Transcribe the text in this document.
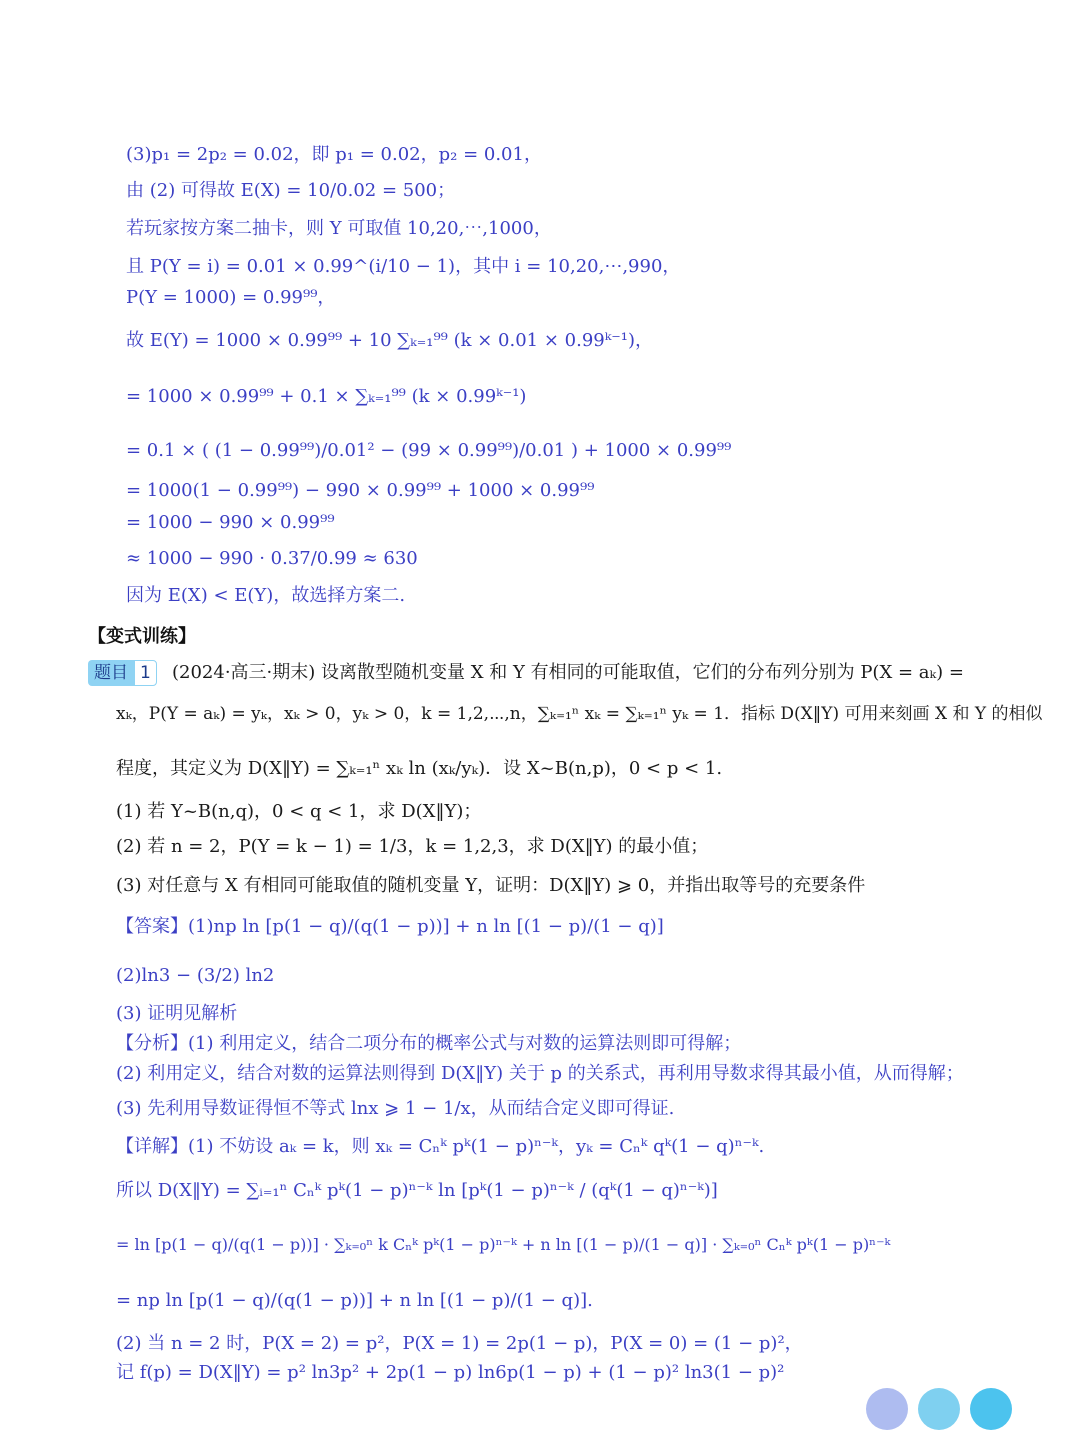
(3)p₁ = 2p₂ = 0.02，即 p₁ = 0.02，p₂ = 0.01，
由 (2) 可得故 E(X) = 10/0.02 = 500；
若玩家按方案二抽卡，则 Y 可取值 10,20,⋯,1000，
且 P(Y = i) = 0.01 × 0.99^(i/10 − 1)，其中 i = 10,20,⋯,990，
P(Y = 1000) = 0.99⁹⁹，
故 E(Y) = 1000 × 0.99⁹⁹ + 10 ∑ₖ₌₁⁹⁹ (k × 0.01 × 0.99ᵏ⁻¹)，
= 1000 × 0.99⁹⁹ + 0.1 × ∑ₖ₌₁⁹⁹ (k × 0.99ᵏ⁻¹)
= 0.1 × ( (1 − 0.99⁹⁹)/0.01² − (99 × 0.99⁹⁹)/0.01 ) + 1000 × 0.99⁹⁹
= 1000(1 − 0.99⁹⁹) − 990 × 0.99⁹⁹ + 1000 × 0.99⁹⁹
= 1000 − 990 × 0.99⁹⁹
≈ 1000 − 990 · 0.37/0.99 ≈ 630
因为 E(X) < E(Y)，故选择方案二.
【变式训练】
题目 1	(2024·高三·期末) 设离散型随机变量 X 和 Y 有相同的可能取值，它们的分布列分别为 P(X = aₖ) =
xₖ，P(Y = aₖ) = yₖ，xₖ > 0，yₖ > 0，k = 1,2,⋯,n，∑ₖ₌₁ⁿ xₖ = ∑ₖ₌₁ⁿ yₖ = 1．指标 D(X‖Y) 可用来刻画 X 和 Y 的相似
程度，其定义为 D(X‖Y) = ∑ₖ₌₁ⁿ xₖ ln (xₖ/yₖ)．设 X~B(n,p)，0 < p < 1.
(1) 若 Y~B(n,q)，0 < q < 1，求 D(X‖Y)；
(2) 若 n = 2，P(Y = k − 1) = 1/3，k = 1,2,3，求 D(X‖Y) 的最小值；
(3) 对任意与 X 有相同可能取值的随机变量 Y，证明：D(X‖Y) ⩾ 0，并指出取等号的充要条件
【答案】(1)np ln [p(1 − q)/(q(1 − p))] + n ln [(1 − p)/(1 − q)]
(2)ln3 − (3/2) ln2
(3) 证明见解析
【分析】(1) 利用定义，结合二项分布的概率公式与对数的运算法则即可得解；
(2) 利用定义，结合对数的运算法则得到 D(X‖Y) 关于 p 的关系式，再利用导数求得其最小值，从而得解；
(3) 先利用导数证得恒不等式 lnx ⩾ 1 − 1/x，从而结合定义即可得证.
【详解】(1) 不妨设 aₖ = k，则 xₖ = Cₙᵏ pᵏ(1 − p)ⁿ⁻ᵏ，yₖ = Cₙᵏ qᵏ(1 − q)ⁿ⁻ᵏ.
所以 D(X‖Y) = ∑ᵢ₌₁ⁿ Cₙᵏ pᵏ(1 − p)ⁿ⁻ᵏ ln [pᵏ(1 − p)ⁿ⁻ᵏ / (qᵏ(1 − q)ⁿ⁻ᵏ)]
= ln [p(1 − q)/(q(1 − p))] · ∑ₖ₌₀ⁿ k Cₙᵏ pᵏ(1 − p)ⁿ⁻ᵏ + n ln [(1 − p)/(1 − q)] · ∑ₖ₌₀ⁿ Cₙᵏ pᵏ(1 − p)ⁿ⁻ᵏ
= np ln [p(1 − q)/(q(1 − p))] + n ln [(1 − p)/(1 − q)].
(2) 当 n = 2 时，P(X = 2) = p²，P(X = 1) = 2p(1 − p)，P(X = 0) = (1 − p)²，
记 f(p) = D(X‖Y) = p² ln3p² + 2p(1 − p) ln6p(1 − p) + (1 − p)² ln3(1 − p)²
